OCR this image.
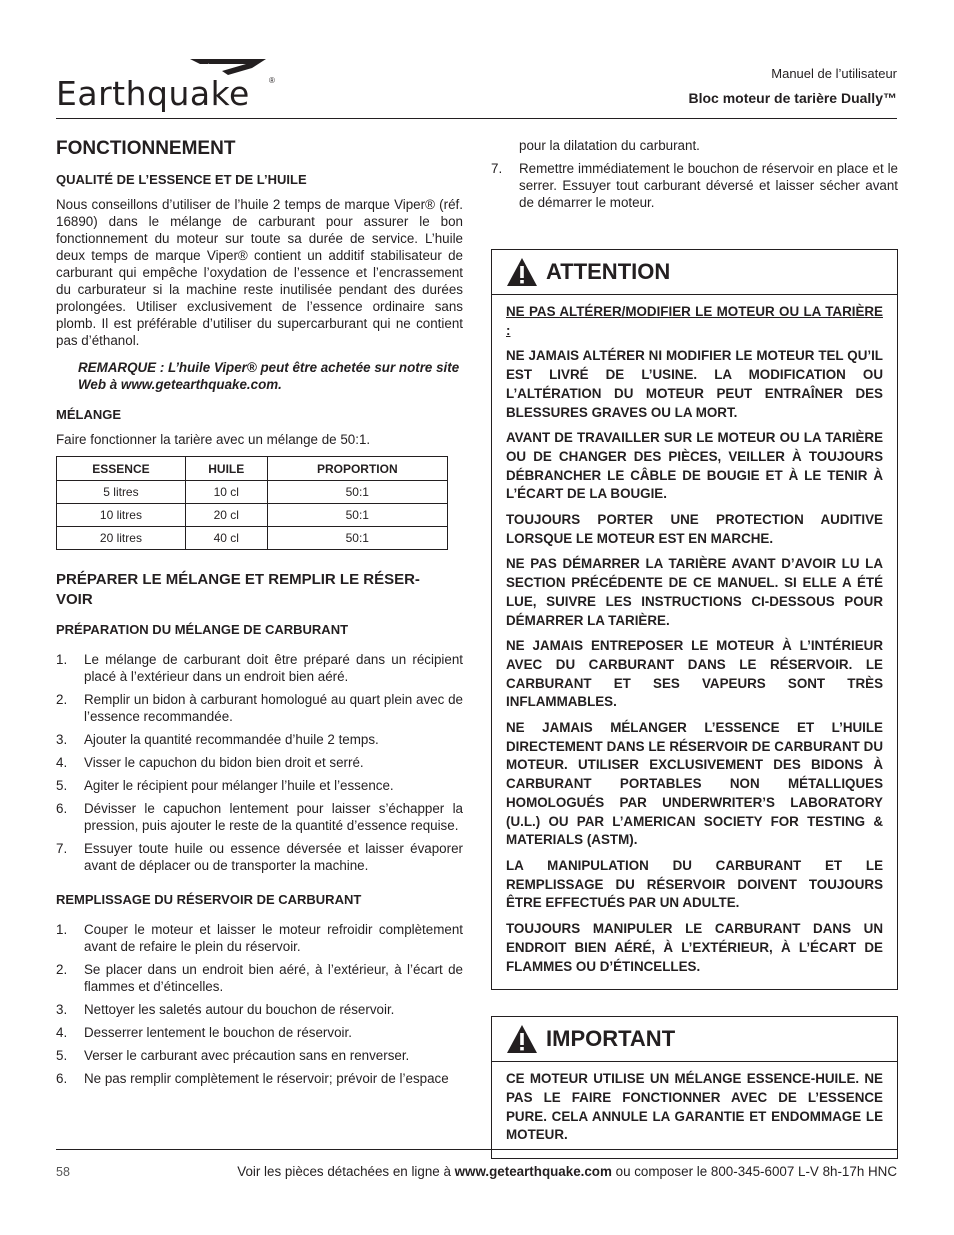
Earthquake ®	Manuel de l’utilisateur
Bloc moteur de tarière Dually™
FONCTIONNEMENT
QUALITÉ DE L’ESSENCE ET DE L’HUILE

Nous conseillons d’utiliser de l’huile 2 temps de marque Viper® (réf. 16890) dans le mélange de carburant pour assurer le bon fonctionnement du moteur sur toute sa durée de service. L’huile deux temps de marque Viper® contient un additif stabilisateur de carburant qui empêche l’oxydation de l’essence et l’encrassement du carburateur si la machine reste inutilisée pendant des durées prolongées. Utiliser exclusivement de l’essence ordinaire sans plomb. Il est préférable d’utiliser du supercarburant qui ne contient pas d’éthanol.

REMARQUE : L’huile Viper® peut être achetée sur notre site Web à www.getearthquake.com.

MÉLANGE

Faire fonctionner la tarière avec un mélange de 50:1.

ESSENCE	HUILE	PROPORTION
5 litres	10 cl	50:1
10 litres	20 cl	50:1
20 litres	40 cl	50:1
PRÉPARER LE MÉLANGE ET REMPLIR LE RÉSER-
VOIR
PRÉPARATION DU MÉLANGE DE CARBURANT
1. Le mélange de carburant doit être préparé dans un récipient placé à l’extérieur dans un endroit bien aéré.
2. Remplir un bidon à carburant homologué au quart plein avec de l’essence recommandée.
3. Ajouter la quantité recommandée d’huile 2 temps.
4. Visser le capuchon du bidon bien droit et serré.
5. Agiter le récipient pour mélanger l’huile et l’essence.
6. Dévisser le capuchon lentement pour laisser s’échapper la pression, puis ajouter le reste de la quantité d’essence requise.
7. Essuyer toute huile ou essence déversée et laisser évaporer avant de déplacer ou de transporter la machine.
REMPLISSAGE DU RÉSERVOIR DE CARBURANT
1. Couper le moteur et laisser le moteur refroidir complètement avant de refaire le plein du réservoir.
2. Se placer dans un endroit bien aéré, à l’extérieur, à l’écart de flammes et d’étincelles.
3. Nettoyer les saletés autour du bouchon de réservoir.
4. Desserrer lentement le bouchon de réservoir.
5. Verser le carburant avec précaution sans en renverser.
6. Ne pas remplir complètement le réservoir; prévoir de l’espace
pour la dilatation du carburant.
7. Remettre immédiatement le bouchon de réservoir en place et le serrer. Essuyer tout carburant déversé et laisser sécher avant de démarrer le moteur.
ATTENTION

NE PAS ALTÉRER/MODIFIER LE MOTEUR OU LA TARIÈRE :

NE JAMAIS ALTÉRER NI MODIFIER LE MOTEUR TEL QU’IL EST LIVRÉ DE L’USINE. LA MODIFICATION OU L’ALTÉRATION DU MOTEUR PEUT ENTRAÎNER DES BLESSURES GRAVES OU LA MORT.

AVANT DE TRAVAILLER SUR LE MOTEUR OU LA TARIÈRE OU DE CHANGER DES PIÈCES, VEILLER À TOUJOURS DÉBRANCHER LE CÂBLE DE BOUGIE ET À LE TENIR À L’ÉCART DE LA BOUGIE.

TOUJOURS PORTER UNE PROTECTION AUDITIVE LORSQUE LE MOTEUR EST EN MARCHE.

NE PAS DÉMARRER LA TARIÈRE AVANT D’AVOIR LU LA SECTION PRÉCÉDENTE DE CE MANUEL. SI ELLE A ÉTÉ LUE, SUIVRE LES INSTRUCTIONS CI-DESSOUS POUR DÉMARRER LA TARIÈRE.

NE JAMAIS ENTREPOSER LE MOTEUR À L’INTÉRIEUR AVEC DU CARBURANT DANS LE RÉSERVOIR. LE CARBURANT ET SES VAPEURS SONT TRÈS INFLAMMABLES.

NE JAMAIS MÉLANGER L’ESSENCE ET L’HUILE DIRECTEMENT DANS LE RÉSERVOIR DE CARBURANT DU MOTEUR. UTILISER EXCLUSIVEMENT DES BIDONS À CARBURANT PORTABLES NON MÉTALLIQUES HOMOLOGUÉS PAR UNDERWRITER’S LABORATORY (U.L.) OU PAR L’AMERICAN SOCIETY FOR TESTING & MATERIALS (ASTM).

LA MANIPULATION DU CARBURANT ET LE REMPLISSAGE DU RÉSERVOIR DOIVENT TOUJOURS ÊTRE EFFECTUÉS PAR UN ADULTE.

TOUJOURS MANIPULER LE CARBURANT DANS UN ENDROIT BIEN AÉRÉ, À L’EXTÉRIEUR, À L’ÉCART DE FLAMMES OU D’ÉTINCELLES.

IMPORTANT

CE MOTEUR UTILISE UN MÉLANGE ESSENCE-HUILE. NE PAS LE FAIRE FONCTIONNER AVEC DE L’ESSENCE PURE. CELA ANNULE LA GARANTIE ET ENDOMMAGE LE MOTEUR.

58	Voir les pièces détachées en ligne à www.getearthquake.com ou composer le 800-345-6007 L-V 8h-17h HNC
